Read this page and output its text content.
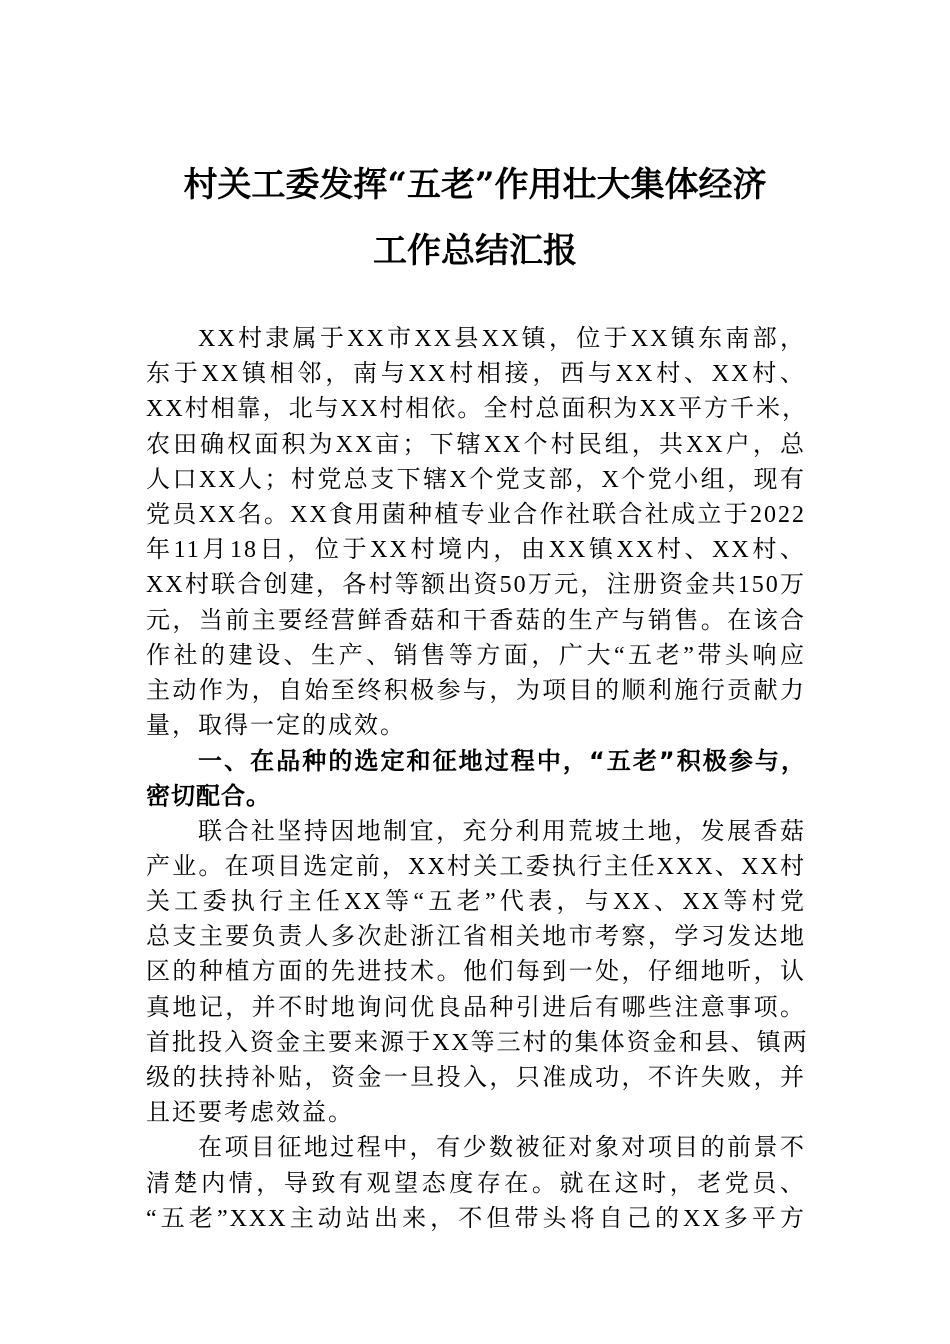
村关工委发挥“五老”作用壮大集体经济
工作总结汇报
XX村隶属于XX市XX县XX镇，位于XX镇东南部，
东于XX镇相邻，南与XX村相接，西与XX村、XX村、
XX村相靠，北与XX村相依。全村总面积为XX平方千米，
农田确权面积为XX亩；下辖XX个村民组，共XX户，总
人口XX人；村党总支下辖X个党支部，X个党小组，现有
党员XX名。XX食用菌种植专业合作社联合社成立于2022
年11月18日，位于XX村境内，由XX镇XX村、XX村、
XX村联合创建，各村等额出资50万元，注册资金共150万
元，当前主要经营鲜香菇和干香菇的生产与销售。在该合
作社的建设、生产、销售等方面，广大“五老”带头响应
主动作为，自始至终积极参与，为项目的顺利施行贡献力
量，取得一定的成效。
一、在品种的选定和征地过程中，“五老”积极参与，
密切配合。
联合社坚持因地制宜，充分利用荒坡土地，发展香菇
产业。在项目选定前，XX村关工委执行主任XXX、XX村
关工委执行主任XX等“五老”代表，与XX、XX等村党
总支主要负责人多次赴浙江省相关地市考察，学习发达地
区的种植方面的先进技术。他们每到一处，仔细地听，认
真地记，并不时地询问优良品种引进后有哪些注意事项。
首批投入资金主要来源于XX等三村的集体资金和县、镇两
级的扶持补贴，资金一旦投入，只准成功，不许失败，并
且还要考虑效益。
在项目征地过程中，有少数被征对象对项目的前景不
清楚内情，导致有观望态度存在。就在这时，老党员、
“五老”XXX主动站出来，不但带头将自己的XX多平方
